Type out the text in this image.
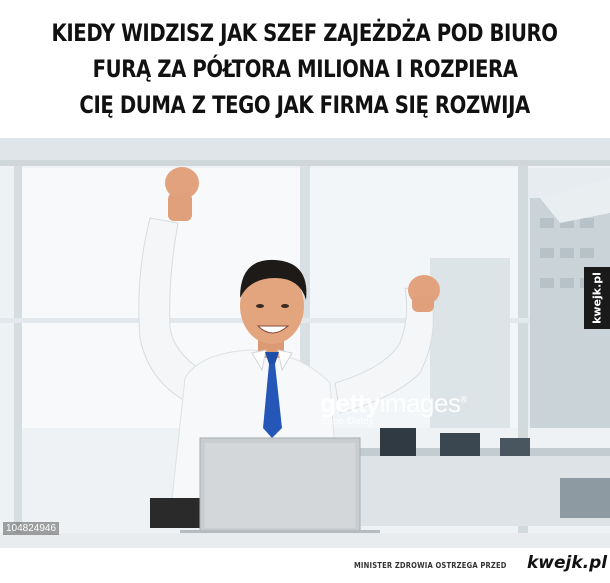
KIEDY WIDZISZ JAK SZEF ZAJEŻDŻA POD BIURO
FURĄ ZA PÓŁTORA MILIONA I ROZPIERA
CIĘ DUMA Z TEGO JAK FIRMA SIĘ ROZWIJA
gettyimages®
Lane Oatey
104824946
kwejk.pl
MINISTER ZDROWIA OSTRZEGA PRZED kwejk.pl
